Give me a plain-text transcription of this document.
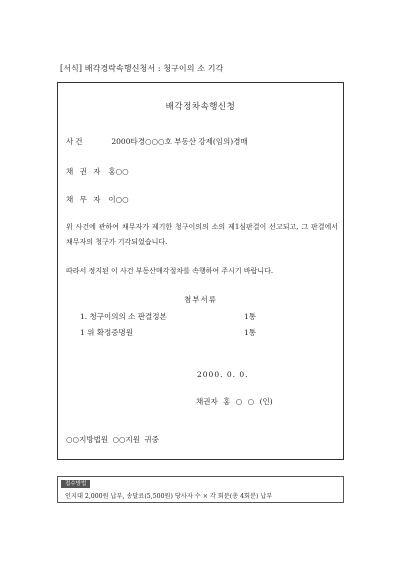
[서식] 배각경락속행신청서 : 청구이의 소 기각
배각정차속행신청
사건	2000타경○○○호 부동산 강제(임의)경매
채 권 자 홍○○
채 무 자 이○○
위 사건에 관하여 채무자가 제기한 청구이의의 소의 제1심판결이 선고되고, 그 판결에서 채무자의 청구가 기각되었습니다.
따라서 정지된 이 사건 부동산매각절차를 속행하여 주시기 바랍니다.
첨부서류
1. 청구이의의 소 판결정본	1통
1 위 확정증명원	1통
2000. 0. 0.
채권자 홍 ○ ○ (인)
○○지방법원 ○○지원 귀중
접수방법
인지대 2,000원 납부, 송달료(5,500원) 당사자 수 × 각 회분(총 4회분) 납부
